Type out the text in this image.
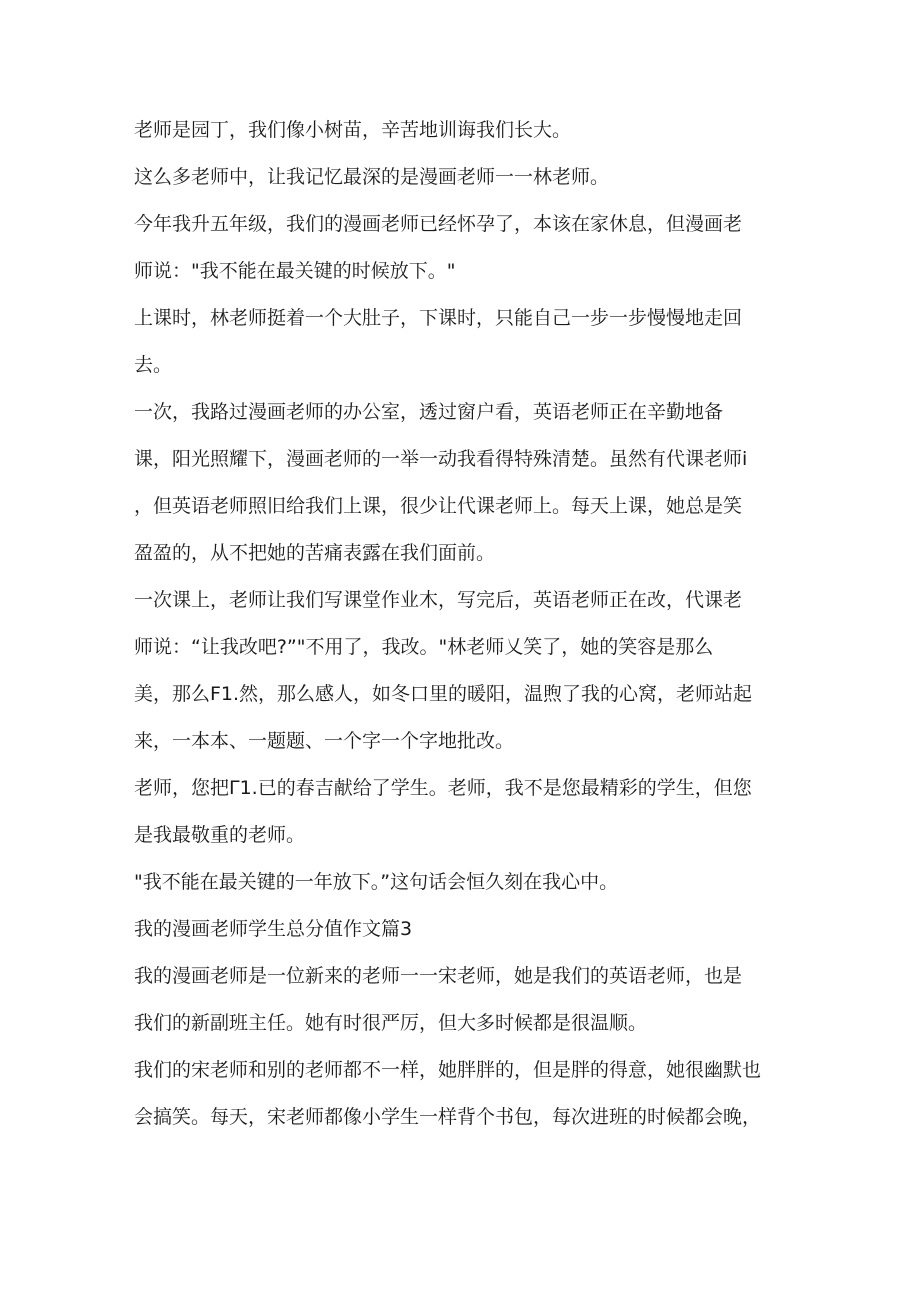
老师是园丁，我们像小树苗，辛苦地训诲我们长大。
这么多老师中，让我记忆最深的是漫画老师一一林老师。
今年我升五年级，我们的漫画老师已经怀孕了，本该在家休息，但漫画老
师说："我不能在最关键的时候放下。"
上课时，林老师挺着一个大肚子，下课时，只能自己一步一步慢慢地走回
去。
一次，我路过漫画老师的办公室，透过窗户看，英语老师正在辛勤地备
课，阳光照耀下，漫画老师的一举一动我看得特殊清楚。虽然有代课老师i
，但英语老师照旧给我们上课，很少让代课老师上。每天上课，她总是笑
盈盈的，从不把她的苦痛表露在我们面前。
一次课上，老师让我们写课堂作业木，写完后，英语老师正在改，代课老
师说：“让我改吧?”"不用了，我改。"林老师乂笑了，她的笑容是那么
美，那么F1.然，那么感人，如冬口里的暖阳，温煦了我的心窝，老师站起
来，一本本、一题题、一个字一个字地批改。
老师，您把Γ1.已的春吉献给了学生。老师，我不是您最精彩的学生，但您
是我最敬重的老师。
"我不能在最关键的一年放下。”这句话会恒久刻在我心中。
我的漫画老师学生总分值作文篇3
我的漫画老师是一位新来的老师一一宋老师，她是我们的英语老师，也是
我们的新副班主任。她有时很严厉，但大多时候都是很温顺。
我们的宋老师和别的老师都不一样，她胖胖的，但是胖的得意，她很幽默也
会搞笑。每天，宋老师都像小学生一样背个书包，每次进班的时候都会晚，
